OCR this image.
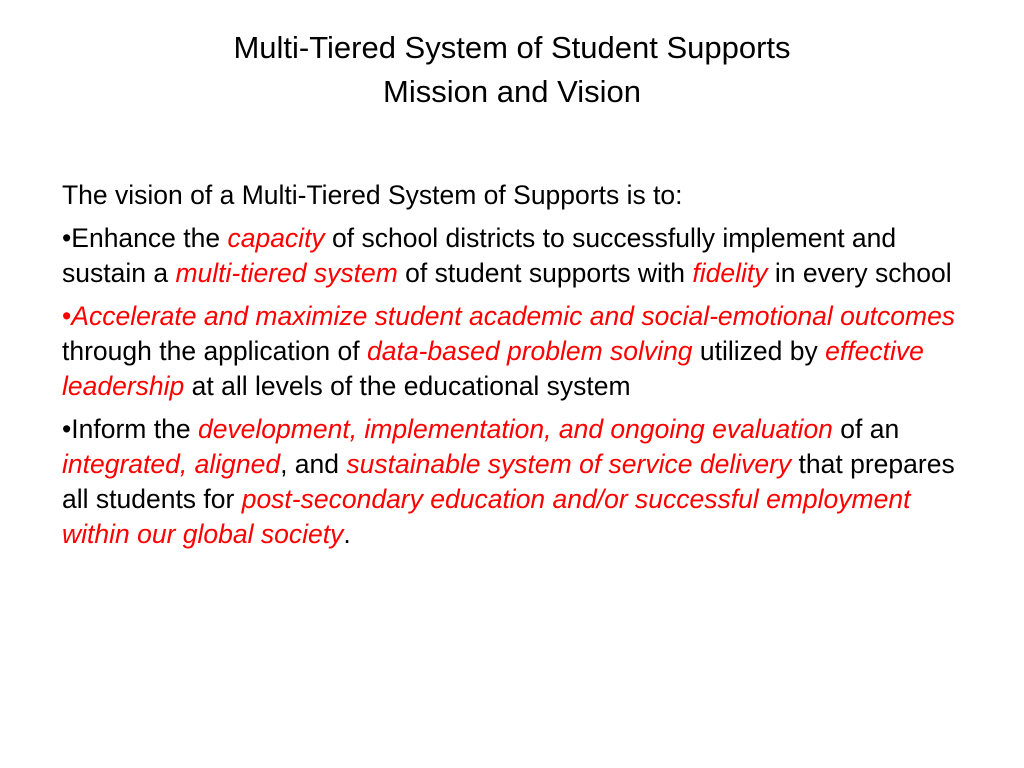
Multi-Tiered System of Student Supports
Mission and Vision

The vision of a Multi-Tiered System of Supports is to:

•Enhance the capacity of school districts to successfully implement and sustain a multi-tiered system of student supports with fidelity in every school

•Accelerate and maximize student academic and social-emotional outcomes through the application of data-based problem solving utilized by effective leadership at all levels of the educational system

•Inform the development, implementation, and ongoing evaluation of an integrated, aligned, and sustainable system of service delivery that prepares all students for post-secondary education and/or successful employment within our global society.
